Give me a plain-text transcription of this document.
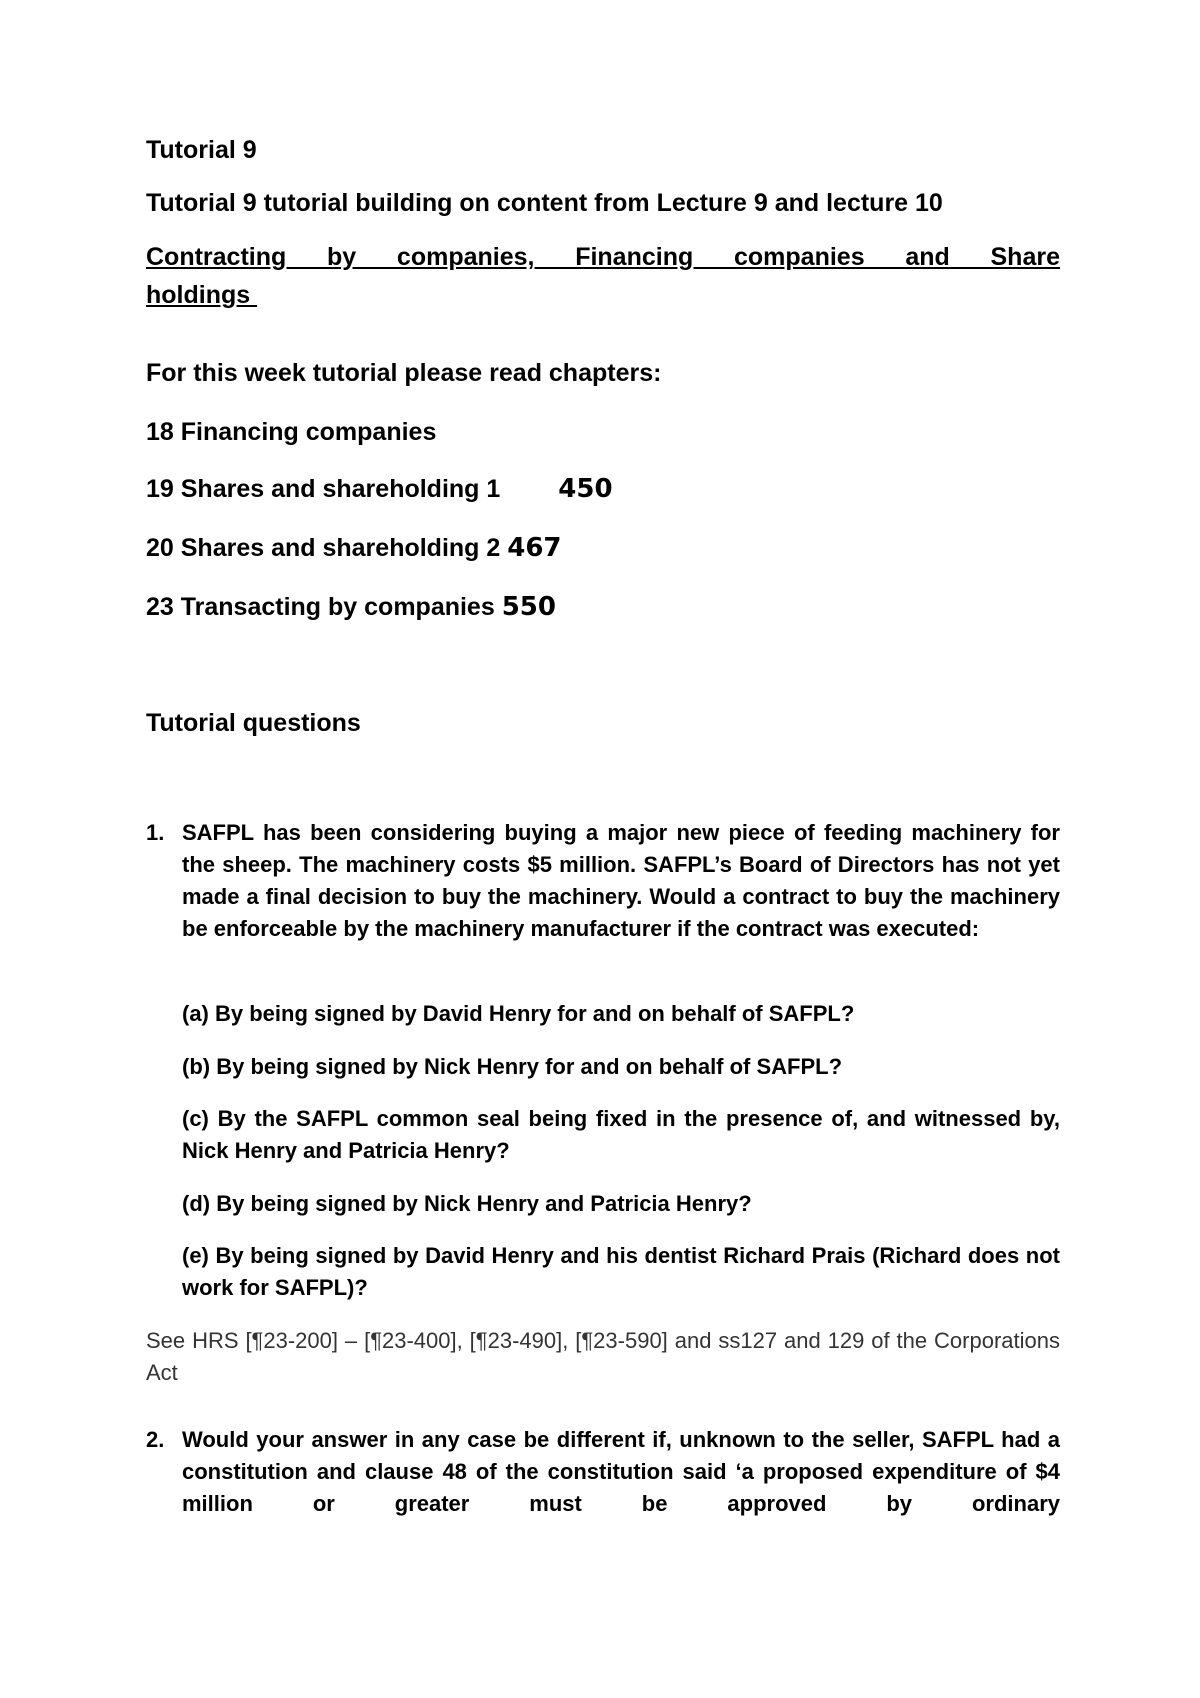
Tutorial 9

Tutorial 9 tutorial building on content from Lecture 9 and lecture 10

Contracting by companies, Financing companies and Share

holdings

For this week tutorial please read chapters:

18 Financing companies

19 Shares and shareholding 1 450

20 Shares and shareholding 2 467

23 Transacting by companies 550

Tutorial questions

1. SAFPL has been considering buying a major new piece of feeding machinery for the sheep. The machinery costs $5 million. SAFPL’s Board of Directors has not yet made a final decision to buy the machinery. Would a contract to buy the machinery be enforceable by the machinery manufacturer if the contract was executed:

(a) By being signed by David Henry for and on behalf of SAFPL?

(b) By being signed by Nick Henry for and on behalf of SAFPL?

(c) By the SAFPL common seal being fixed in the presence of, and witnessed by, Nick Henry and Patricia Henry?

(d) By being signed by Nick Henry and Patricia Henry?

(e) By being signed by David Henry and his dentist Richard Prais (Richard does not work for SAFPL)?

See HRS [¶23-200] – [¶23-400], [¶23-490], [¶23-590] and ss127 and 129 of the Corporations Act

2. Would your answer in any case be different if, unknown to the seller, SAFPL had a constitution and clause 48 of the constitution said ‘a proposed expenditure of $4 million or greater must be approved by ordinary
